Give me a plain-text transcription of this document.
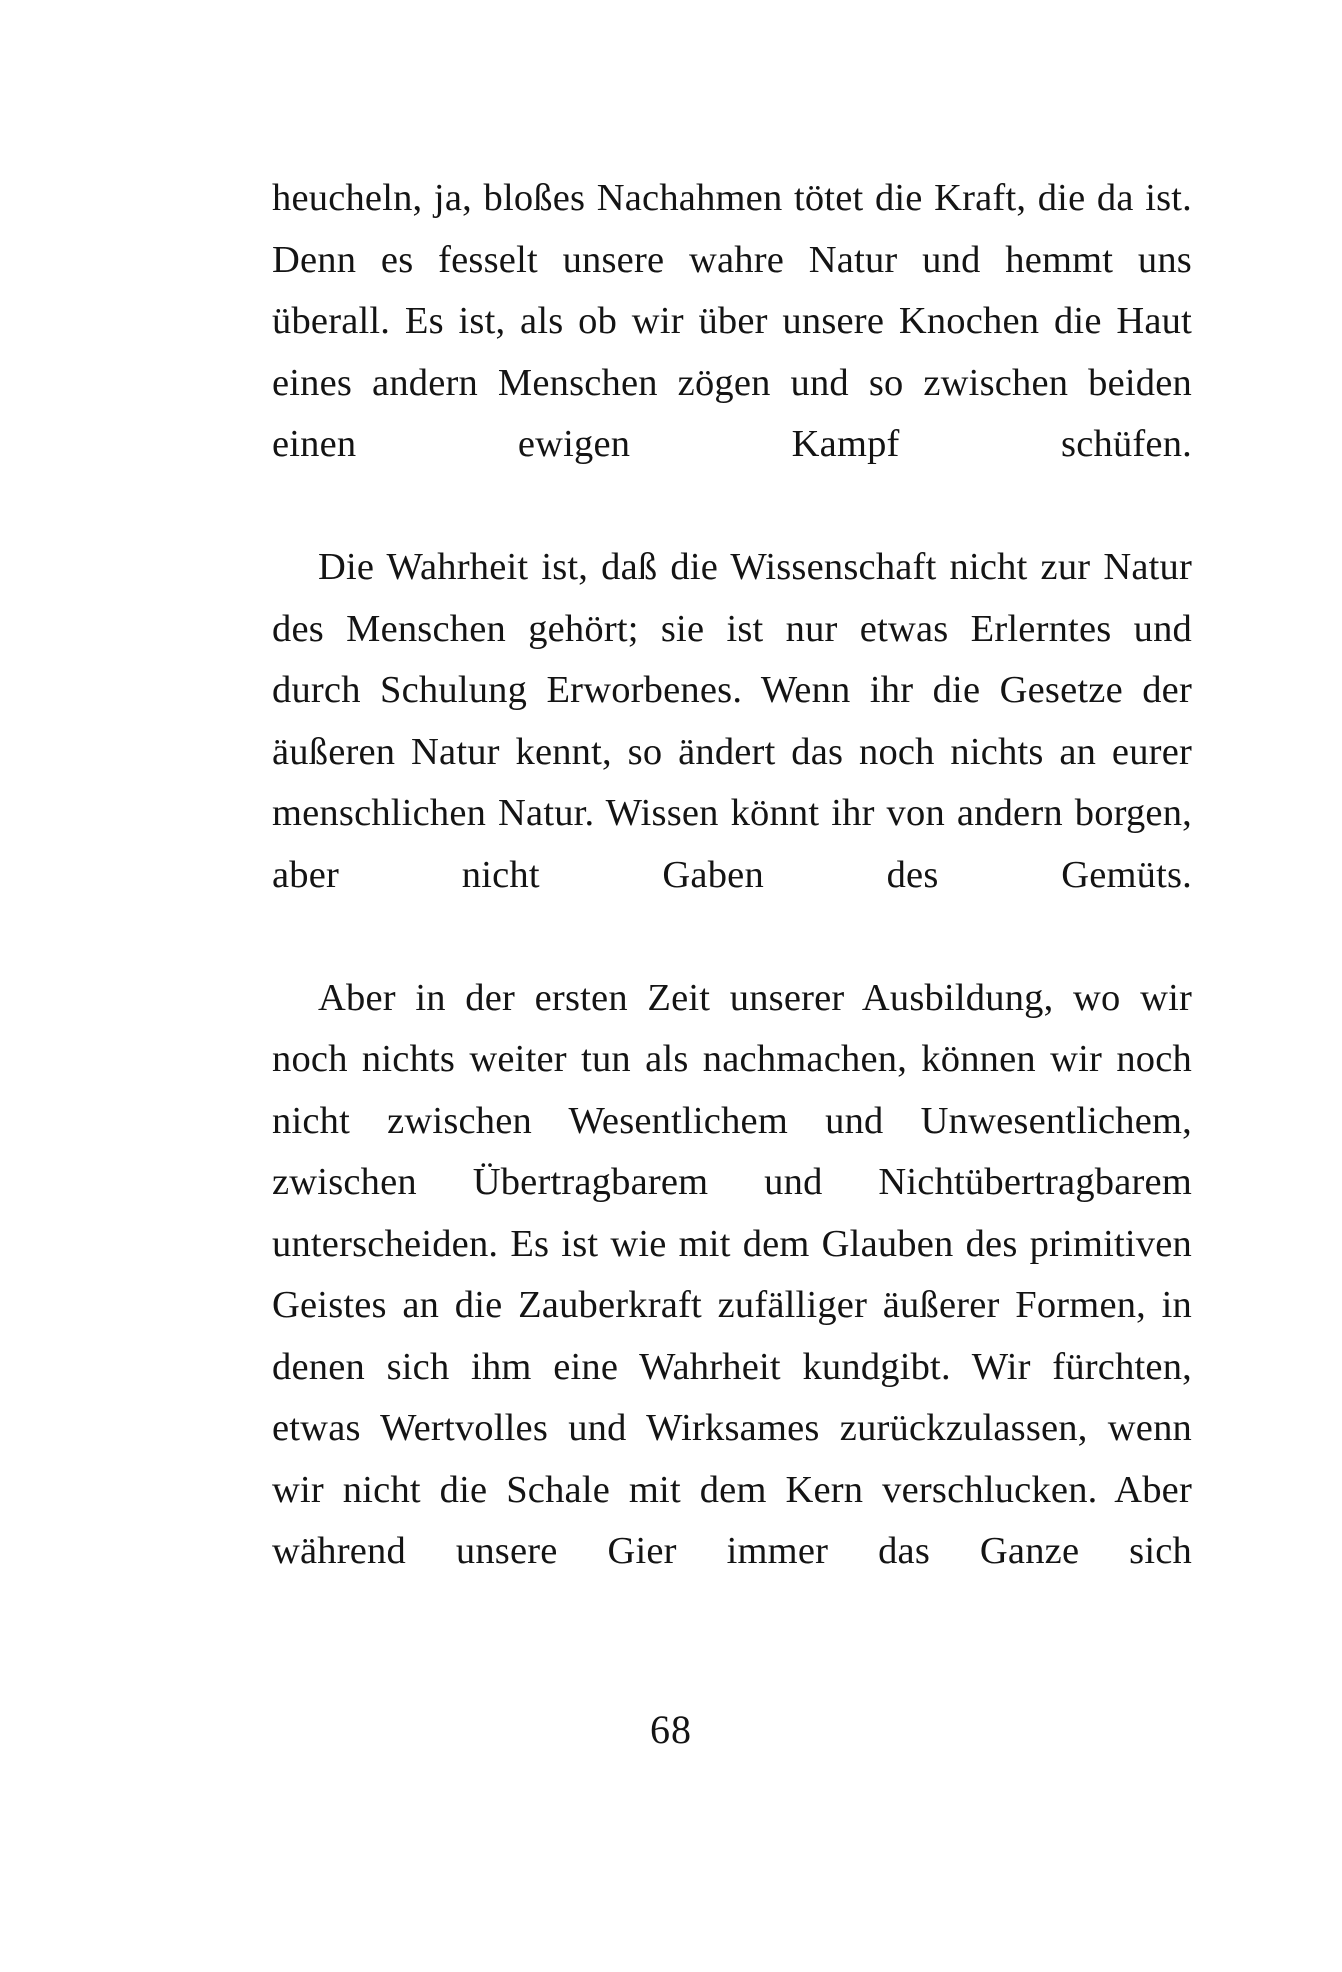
heucheln, ja, bloßes Nachahmen tötet die Kraft, die da ist. Denn es fesselt unsere wahre Natur und hemmt uns überall. Es ist, als ob wir über unsere Knochen die Haut eines andern Menschen zögen und so zwischen beiden einen ewigen Kampf schüfen.

Die Wahrheit ist, daß die Wissenschaft nicht zur Natur des Menschen gehört; sie ist nur etwas Erlerntes und durch Schulung Erworbenes. Wenn ihr die Gesetze der äußeren Natur kennt, so ändert das noch nichts an eurer menschlichen Natur. Wissen könnt ihr von andern borgen, aber nicht Gaben des Gemüts.

Aber in der ersten Zeit unserer Ausbildung, wo wir noch nichts weiter tun als nachmachen, können wir noch nicht zwischen Wesentlichem und Unwesentlichem, zwischen Übertragbarem und Nichtübertragbarem unterscheiden. Es ist wie mit dem Glauben des primitiven Geistes an die Zauberkraft zufälliger äußerer Formen, in denen sich ihm eine Wahrheit kundgibt. Wir fürchten, etwas Wertvolles und Wirksames zurückzulassen, wenn wir nicht die Schale mit dem Kern verschlucken. Aber während unsere Gier immer das Ganze sich

68
